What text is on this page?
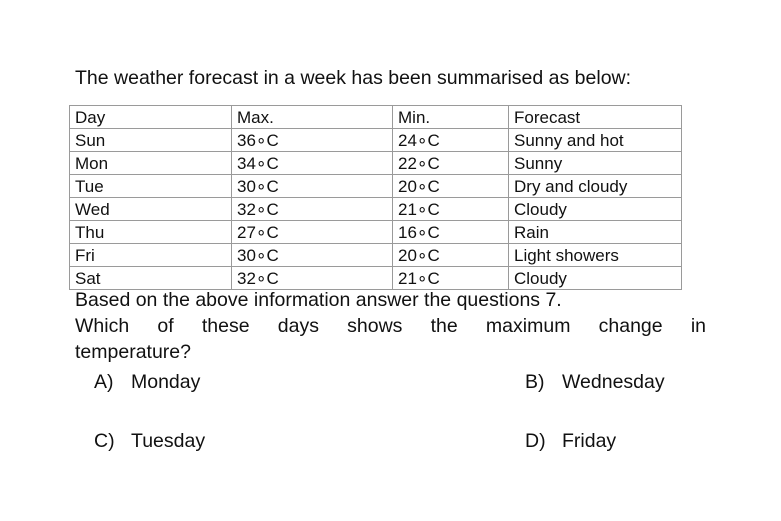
The weather forecast in a week has been summarised as below:
Day	Max.	Min.	Forecast
Sun	36∘C	24∘C	Sunny and hot
Mon	34∘C	22∘C	Sunny
Tue	30∘C	20∘C	Dry and cloudy
Wed	32∘C	21∘C	Cloudy
Thu	27∘C	16∘C	Rain
Fri	30∘C	20∘C	Light showers
Sat	32∘C	21∘C	Cloudy
Based on the above information answer the questions 7.
Which of these days shows the maximum change in
temperature?
A) Monday	B) Wednesday
C) Tuesday	D) Friday
